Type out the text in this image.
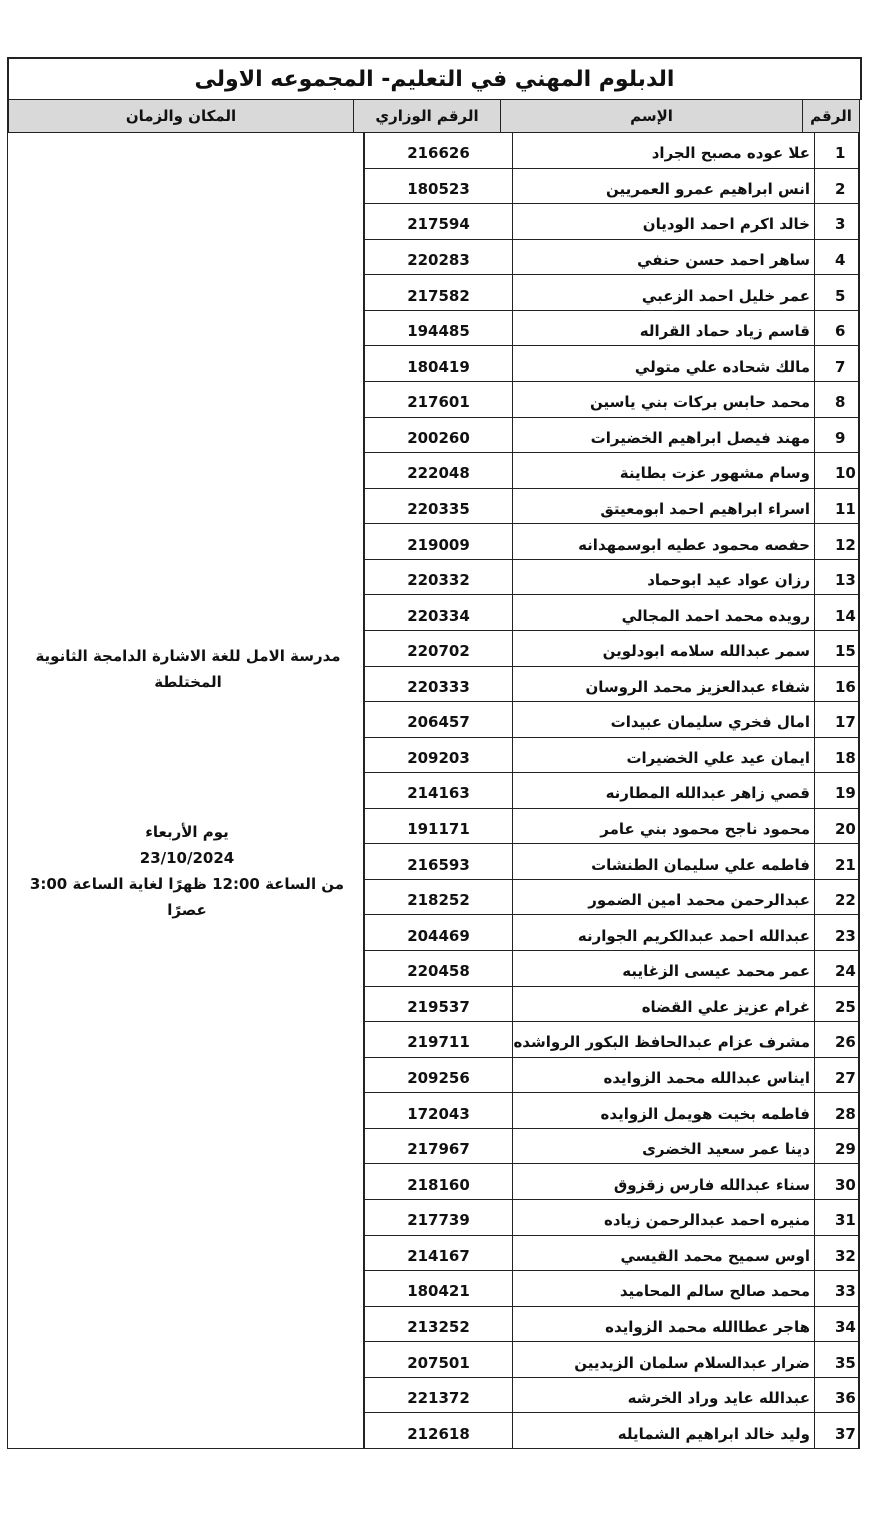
الدبلوم المهني في التعليم- المجموعه الاولى
المكان والزمان	الرقم الوزاري	الإسم	الرقم
مدرسة الامل للغة الاشارة الدامجة الثانوية المختلطة
يوم الأربعاء
23/10/2024
من الساعة 12:00 ظهرًا لغاية الساعة 3:00 عصرًا
216626	علا عوده مصبح الجراد	1
180523	انس ابراهيم عمرو العمريين	2
217594	خالد اكرم احمد الوديان	3
220283	ساهر احمد حسن حنفي	4
217582	عمر خليل احمد الزعبي	5
194485	قاسم زياد حماد القراله	6
180419	مالك شحاده علي متولي	7
217601	محمد حابس بركات بني ياسين	8
200260	مهند فيصل ابراهيم الخضيرات	9
222048	وسام مشهور عزت بطاينة	10
220335	اسراء ابراهيم احمد ابومعيتق	11
219009	حفصه محمود عطيه ابوسمهدانه	12
220332	رزان عواد عيد ابوحماد	13
220334	رويده محمد احمد المجالي	14
220702	سمر عبدالله سلامه ابودلوين	15
220333	شفاء عبدالعزيز محمد الروسان	16
206457	امال فخري سليمان عبيدات	17
209203	ايمان عيد علي الخضيرات	18
214163	قصي زاهر عبدالله المطارنه	19
191171	محمود ناجح محمود بني عامر	20
216593	فاطمه علي سليمان الطنشات	21
218252	عبدالرحمن محمد امين الضمور	22
204469	عبدالله احمد عبدالكريم الجوارنه	23
220458	عمر محمد عيسى الزغايبه	24
219537	غرام عزيز علي القضاه	25
219711	مشرف عزام عبدالحافظ البكور الرواشده	26
209256	ايناس عبدالله محمد الزوايده	27
172043	فاطمه بخيت هويمل الزوايده	28
217967	دينا عمر سعيد الخضرى	29
218160	سناء عبدالله فارس زقزوق	30
217739	منيره احمد عبدالرحمن زياده	31
214167	اوس سميح محمد القيسي	32
180421	محمد صالح سالم المحاميد	33
213252	هاجر عطاالله محمد الزوايده	34
207501	ضرار عبدالسلام سلمان الزيديين	35
221372	عبدالله عايد وراد الخرشه	36
212618	وليد خالد ابراهيم الشمايله	37
